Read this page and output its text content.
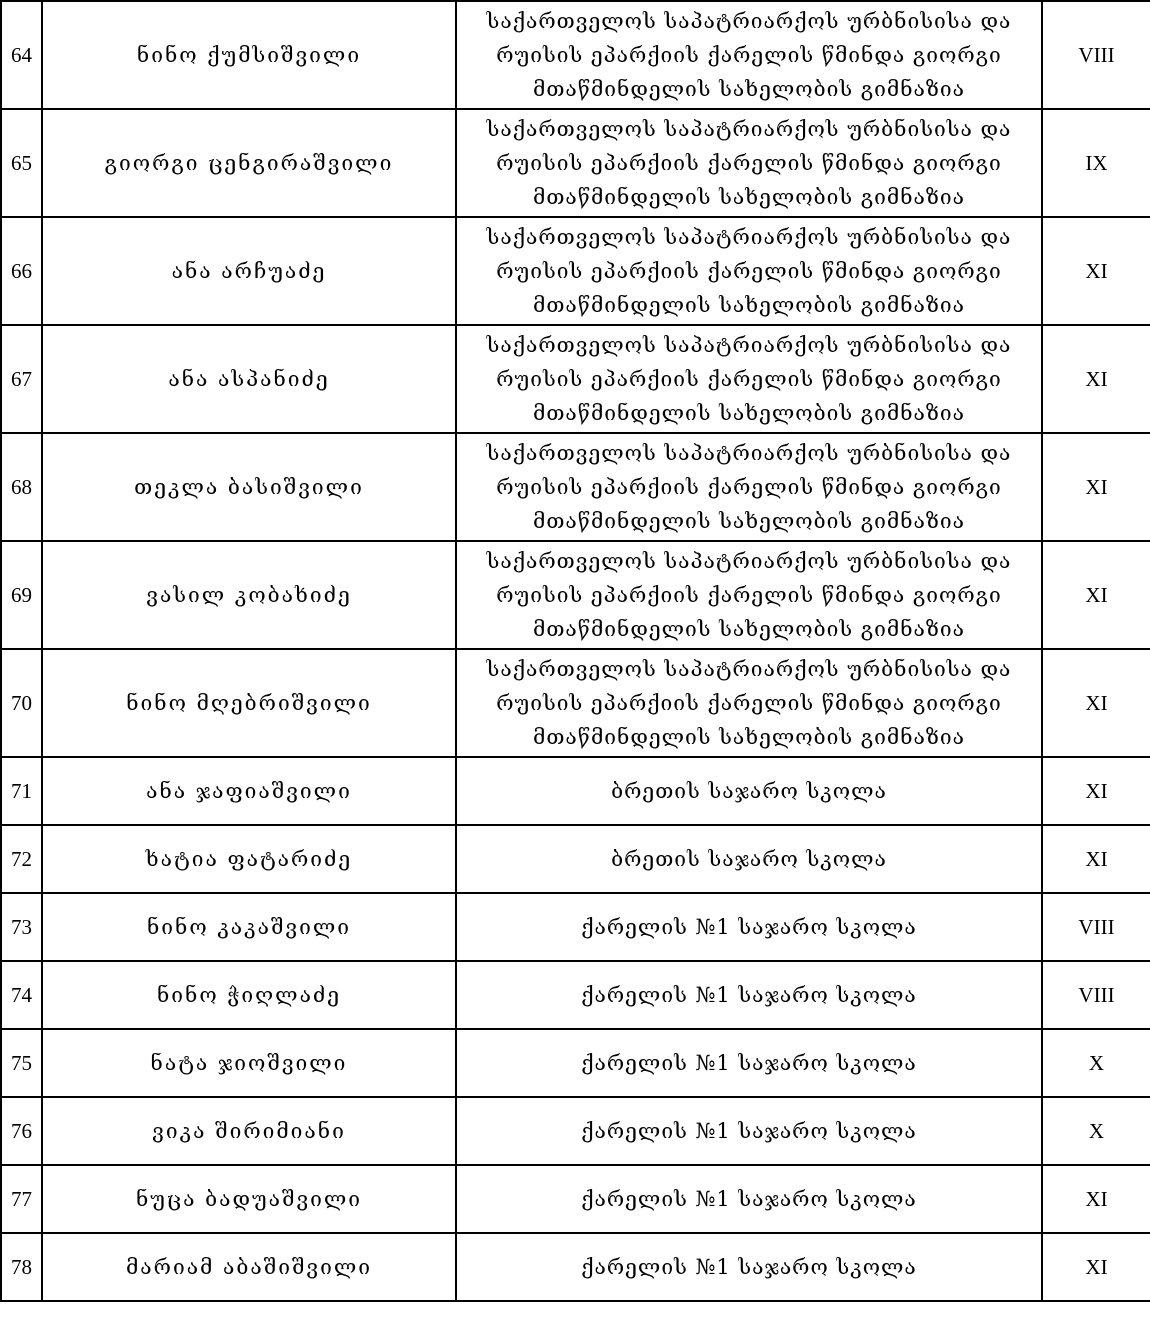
64	ნინო ქუმსიშვილი	საქართველოს საპატრიარქოს ურბნისისა და რუისის ეპარქიის ქარელის წმინდა გიორგი მთაწმინდელის სახელობის გიმნაზია	VIII
65	გიორგი ცენგირაშვილი	საქართველოს საპატრიარქოს ურბნისისა და რუისის ეპარქიის ქარელის წმინდა გიორგი მთაწმინდელის სახელობის გიმნაზია	IX
66	ანა არჩუაძე	საქართველოს საპატრიარქოს ურბნისისა და რუისის ეპარქიის ქარელის წმინდა გიორგი მთაწმინდელის სახელობის გიმნაზია	XI
67	ანა ასპანიძე	საქართველოს საპატრიარქოს ურბნისისა და რუისის ეპარქიის ქარელის წმინდა გიორგი მთაწმინდელის სახელობის გიმნაზია	XI
68	თეკლა ბასიშვილი	საქართველოს საპატრიარქოს ურბნისისა და რუისის ეპარქიის ქარელის წმინდა გიორგი მთაწმინდელის სახელობის გიმნაზია	XI
69	ვასილ კობახიძე	საქართველოს საპატრიარქოს ურბნისისა და რუისის ეპარქიის ქარელის წმინდა გიორგი მთაწმინდელის სახელობის გიმნაზია	XI
70	ნინო მღებრიშვილი	საქართველოს საპატრიარქოს ურბნისისა და რუისის ეპარქიის ქარელის წმინდა გიორგი მთაწმინდელის სახელობის გიმნაზია	XI
71	ანა ჯაფიაშვილი	ბრეთის საჯარო სკოლა	XI
72	ხატია ფატარიძე	ბრეთის საჯარო სკოლა	XI
73	ნინო კაკაშვილი	ქარელის №1 საჯარო სკოლა	VIII
74	ნინო ჭიღლაძე	ქარელის №1 საჯარო სკოლა	VIII
75	ნატა ჯიოშვილი	ქარელის №1 საჯარო სკოლა	X
76	ვიკა შირიმიანი	ქარელის №1 საჯარო სკოლა	X
77	ნუცა ბადუაშვილი	ქარელის №1 საჯარო სკოლა	XI
78	მარიამ აბაშიშვილი	ქარელის №1 საჯარო სკოლა	XI
